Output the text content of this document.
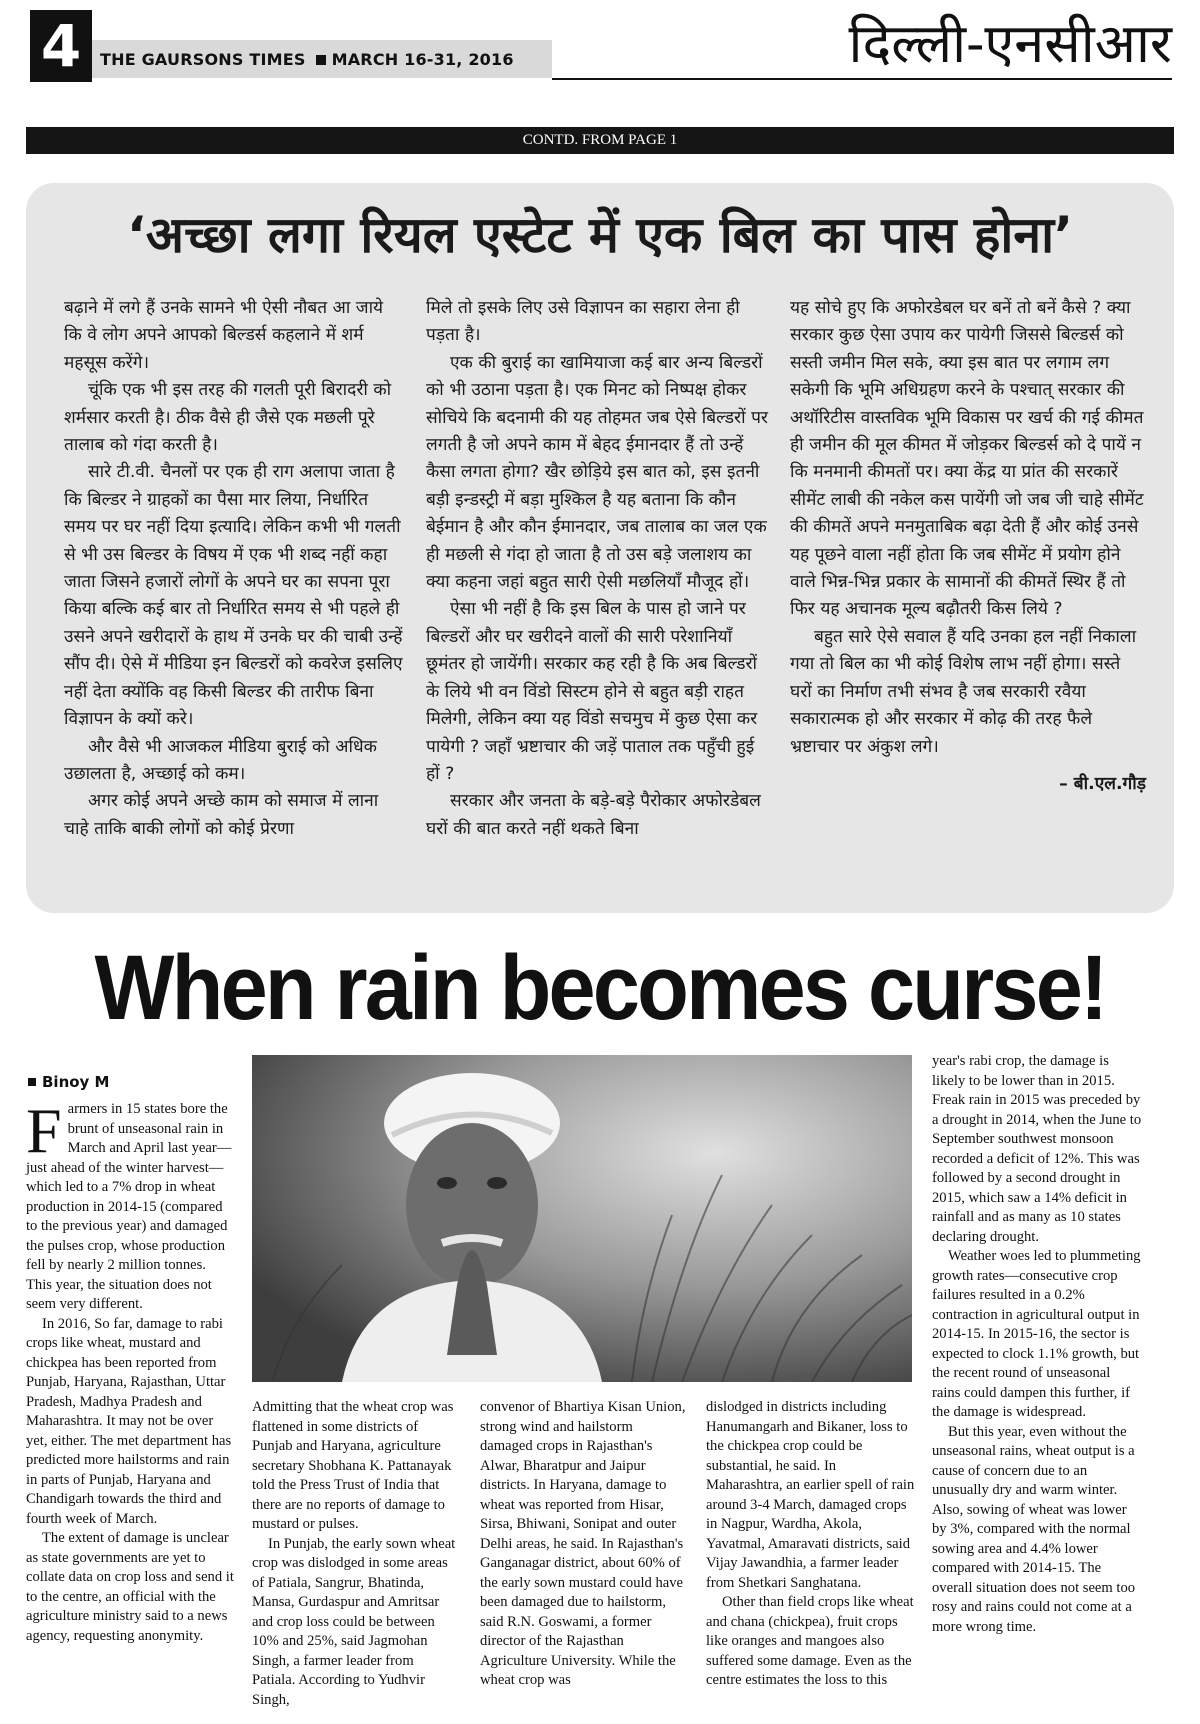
4	THE GAURSONS TIMES MARCH 16-31, 2016	दिल्ली-एनसीआर
CONTD. FROM PAGE 1
‘अच्छा लगा रियल एस्टेट में एक बिल का पास होना’

बढ़ाने में लगे हैं उनके सामने भी ऐसी नौबत आ जाये कि वे लोग अपने आपको बिल्डर्स कहलाने में शर्म महसूस करेंगे।

चूंकि एक भी इस तरह की गलती पूरी बिरादरी को शर्मसार करती है। ठीक वैसे ही जैसे एक मछली पूरे तालाब को गंदा करती है।

सारे टी.वी. चैनलों पर एक ही राग अलापा जाता है कि बिल्डर ने ग्राहकों का पैसा मार लिया, निर्धारित समय पर घर नहीं दिया इत्यादि। लेकिन कभी भी गलती से भी उस बिल्डर के विषय में एक भी शब्द नहीं कहा जाता जिसने हजारों लोगों के अपने घर का सपना पूरा किया बल्कि कई बार तो निर्धारित समय से भी पहले ही उसने अपने खरीदारों के हाथ में उनके घर की चाबी उन्हें सौंप दी। ऐसे में मीडिया इन बिल्डरों को कवरेज इसलिए नहीं देता क्योंकि वह किसी बिल्डर की तारीफ बिना विज्ञापन के क्यों करे।

और वैसे भी आजकल मीडिया बुराई को अधिक उछालता है, अच्छाई को कम।

अगर कोई अपने अच्छे काम को समाज में लाना चाहे ताकि बाकी लोगों को कोई प्रेरणा

मिले तो इसके लिए उसे विज्ञापन का सहारा लेना ही पड़ता है।

एक की बुराई का खामियाजा कई बार अन्य बिल्डरों को भी उठाना पड़ता है। एक मिनट को निष्पक्ष होकर सोचिये कि बदनामी की यह तोहमत जब ऐसे बिल्डरों पर लगती है जो अपने काम में बेहद ईमानदार हैं तो उन्हें कैसा लगता होगा? खैर छोड़िये इस बात को, इस इतनी बड़ी इन्डस्ट्री में बड़ा मुश्किल है यह बताना कि कौन बेईमान है और कौन ईमानदार, जब तालाब का जल एक ही मछली से गंदा हो जाता है तो उस बड़े जलाशय का क्या कहना जहां बहुत सारी ऐसी मछलियाँ मौजूद हों।

ऐसा भी नहीं है कि इस बिल के पास हो जाने पर बिल्डरों और घर खरीदने वालों की सारी परेशानियाँ छूमंतर हो जायेंगी। सरकार कह रही है कि अब बिल्डरों के लिये भी वन विंडो सिस्टम होने से बहुत बड़ी राहत मिलेगी, लेकिन क्या यह विंडो सचमुच में कुछ ऐसा कर पायेगी ? जहाँ भ्रष्टाचार की जड़ें पाताल तक पहुँची हुई हों ?

सरकार और जनता के बड़े-बड़े पैरोकार अफोरडेबल घरों की बात करते नहीं थकते बिना

यह सोचे हुए कि अफोरडेबल घर बनें तो बनें कैसे ? क्या सरकार कुछ ऐसा उपाय कर पायेगी जिससे बिल्डर्स को सस्ती जमीन मिल सके, क्या इस बात पर लगाम लग सकेगी कि भूमि अधिग्रहण करने के पश्चात् सरकार की अथॉरिटीस वास्तविक भूमि विकास पर खर्च की गई कीमत ही जमीन की मूल कीमत में जोड़कर बिल्डर्स को दे पायें न कि मनमानी कीमतों पर। क्या केंद्र या प्रांत की सरकारें सीमेंट लाबी की नकेल कस पायेंगी जो जब जी चाहे सीमेंट की कीमतें अपने मनमुताबिक बढ़ा देती हैं और कोई उनसे यह पूछने वाला नहीं होता कि जब सीमेंट में प्रयोग होने वाले भिन्न-भिन्न प्रकार के सामानों की कीमतें स्थिर हैं तो फिर यह अचानक मूल्य बढ़ौतरी किस लिये ?

बहुत सारे ऐसे सवाल हैं यदि उनका हल नहीं निकाला गया तो बिल का भी कोई विशेष लाभ नहीं होगा। सस्ते घरों का निर्माण तभी संभव है जब सरकारी रवैया सकारात्मक हो और सरकार में कोढ़ की तरह फैले भ्रष्टाचार पर अंकुश लगे।

– बी.एल.गौड़

When rain becomes curse!
Binoy M

Farmers in 15 states bore the brunt of unseasonal rain in March and April last year—just ahead of the winter harvest—which led to a 7% drop in wheat production in 2014-15 (compared to the previous year) and damaged the pulses crop, whose production fell by nearly 2 million tonnes. This year, the situation does not seem very different.

In 2016, So far, damage to rabi crops like wheat, mustard and chickpea has been reported from Punjab, Haryana, Rajasthan, Uttar Pradesh, Madhya Pradesh and Maharashtra. It may not be over yet, either. The met department has predicted more hailstorms and rain in parts of Punjab, Haryana and Chandigarh towards the third and fourth week of March.

The extent of damage is unclear as state governments are yet to collate data on crop loss and send it to the centre, an official with the agriculture ministry said to a news agency, requesting anonymity.

Admitting that the wheat crop was flattened in some districts of Punjab and Haryana, agriculture secretary Shobhana K. Pattanayak told the Press Trust of India that there are no reports of damage to mustard or pulses.

In Punjab, the early sown wheat crop was dislodged in some areas of Patiala, Sangrur, Bhatinda, Mansa, Gurdaspur and Amritsar and crop loss could be between 10% and 25%, said Jagmohan Singh, a farmer leader from Patiala. According to Yudhvir Singh,

convenor of Bhartiya Kisan Union, strong wind and hailstorm damaged crops in Rajasthan's Alwar, Bharatpur and Jaipur districts. In Haryana, damage to wheat was reported from Hisar, Sirsa, Bhiwani, Sonipat and outer Delhi areas, he said. In Rajasthan's Ganganagar district, about 60% of the early sown mustard could have been damaged due to hailstorm, said R.N. Goswami, a former director of the Rajasthan Agriculture University. While the wheat crop was

dislodged in districts including Hanumangarh and Bikaner, loss to the chickpea crop could be substantial, he said. In Maharashtra, an earlier spell of rain around 3-4 March, damaged crops in Nagpur, Wardha, Akola, Yavatmal, Amaravati districts, said Vijay Jawandhia, a farmer leader from Shetkari Sanghatana.

Other than field crops like wheat and chana (chickpea), fruit crops like oranges and mangoes also suffered some damage. Even as the centre estimates the loss to this

year's rabi crop, the damage is likely to be lower than in 2015. Freak rain in 2015 was preceded by a drought in 2014, when the June to September southwest monsoon recorded a deficit of 12%. This was followed by a second drought in 2015, which saw a 14% deficit in rainfall and as many as 10 states declaring drought.

Weather woes led to plummeting growth rates—consecutive crop failures resulted in a 0.2% contraction in agricultural output in 2014-15. In 2015-16, the sector is expected to clock 1.1% growth, but the recent round of unseasonal rains could dampen this further, if the damage is widespread.

But this year, even without the unseasonal rains, wheat output is a cause of concern due to an unusually dry and warm winter. Also, sowing of wheat was lower by 3%, compared with the normal sowing area and 4.4% lower compared with 2014-15. The overall situation does not seem too rosy and rains could not come at a more wrong time.
